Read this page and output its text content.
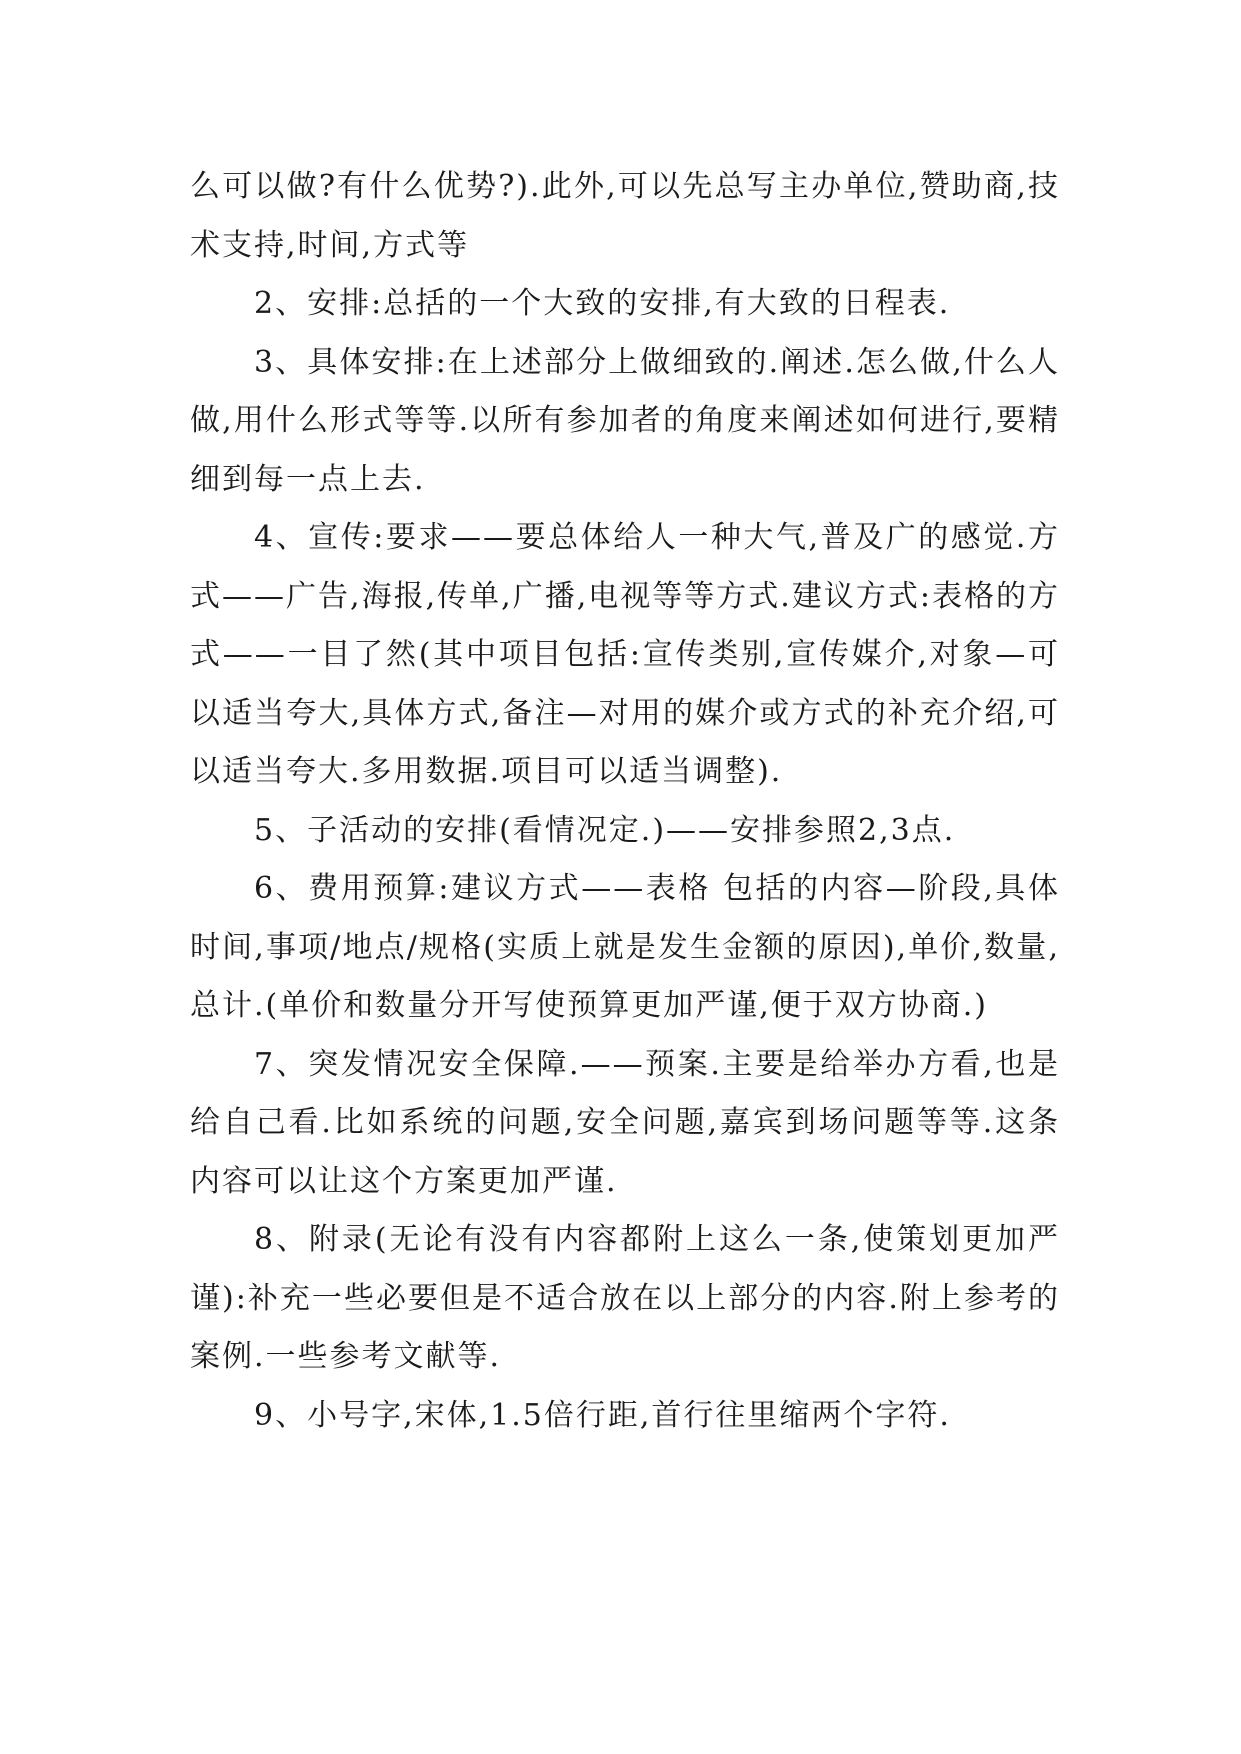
么可以做?有什么优势?).此外,可以先总写主办单位,赞助商,技术支持,时间,方式等

2、安排:总括的一个大致的安排,有大致的日程表.

3、具体安排:在上述部分上做细致的.阐述.怎么做,什么人做,用什么形式等等.以所有参加者的角度来阐述如何进行,要精细到每一点上去.

4、宣传:要求——要总体给人一种大气,普及广的感觉.方式——广告,海报,传单,广播,电视等等方式.建议方式:表格的方式——一目了然(其中项目包括:宣传类别,宣传媒介,对象—可以适当夸大,具体方式,备注—对用的媒介或方式的补充介绍,可以适当夸大.多用数据.项目可以适当调整).

5、子活动的安排(看情况定.)——安排参照2,3点.

6、费用预算:建议方式——表格 包括的内容—阶段,具体时间,事项/地点/规格(实质上就是发生金额的原因),单价,数量,总计.(单价和数量分开写使预算更加严谨,便于双方协商.)

7、突发情况安全保障.——预案.主要是给举办方看,也是给自己看.比如系统的问题,安全问题,嘉宾到场问题等等.这条内容可以让这个方案更加严谨.

8、附录(无论有没有内容都附上这么一条,使策划更加严谨):补充一些必要但是不适合放在以上部分的内容.附上参考的案例.一些参考文献等.

9、小号字,宋体,1.5倍行距,首行往里缩两个字符.
